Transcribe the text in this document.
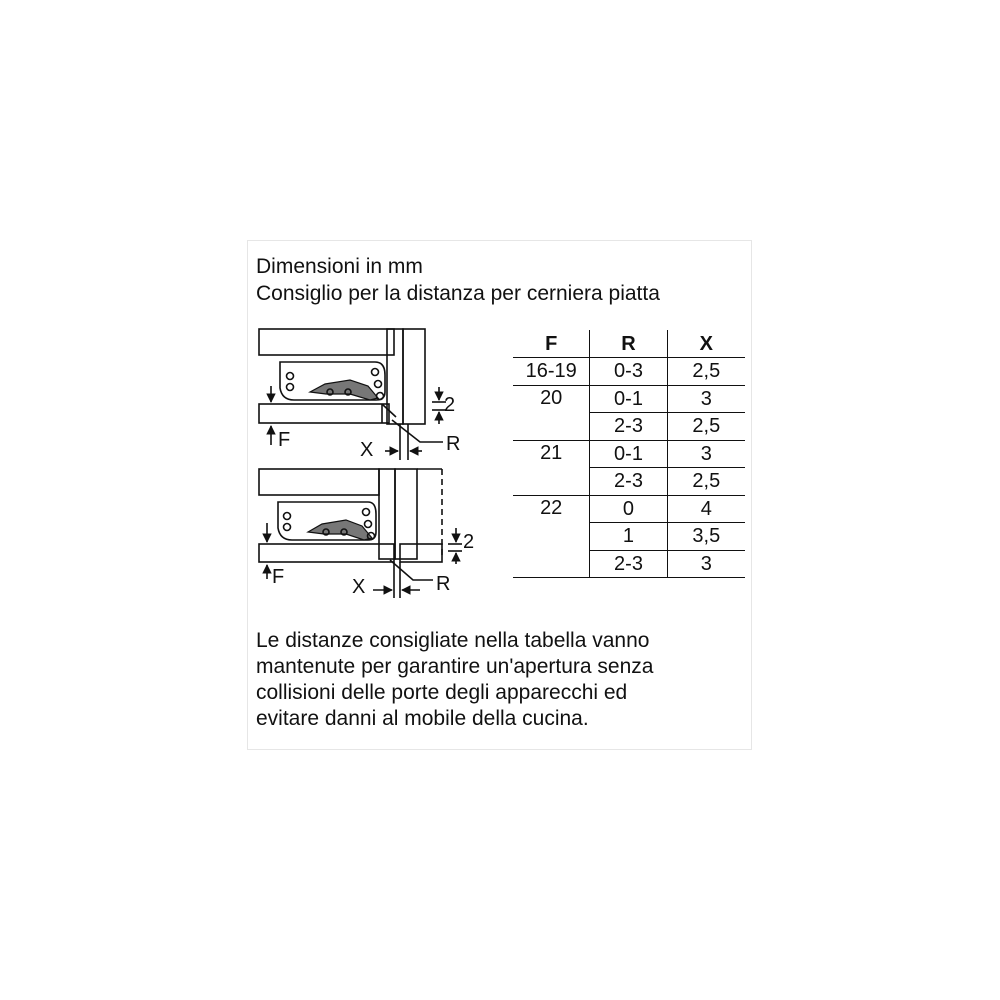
Dimensioni in mm
Consiglio per la distanza per cerniera piatta
F
2
X	R
F
2
X	R
F	R	X
16-19	0-3	2,5
20	0-1	3
	2-3	2,5
21	0-1	3
	2-3	2,5
22	0	4
	1	3,5
	2-3	3
Le distanze consigliate nella tabella vanno
mantenute per garantire un'apertura senza
collisioni delle porte degli apparecchi ed
evitare danni al mobile della cucina.
